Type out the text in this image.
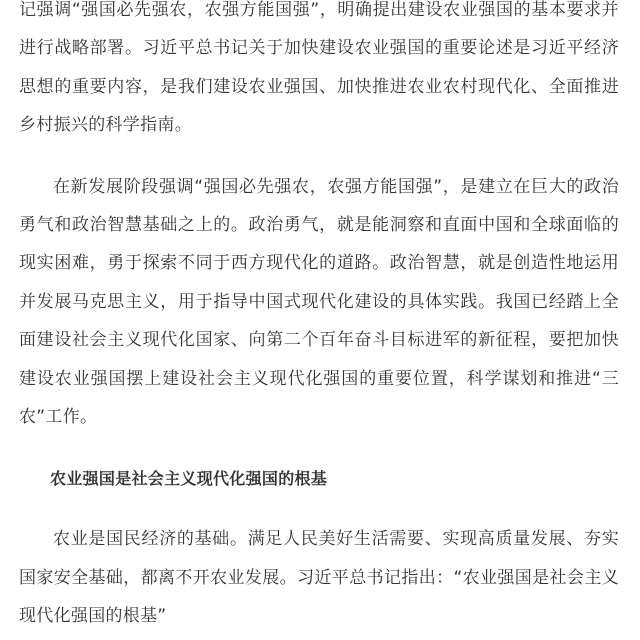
记强调“强国必先强农，农强方能国强”，明确提出建设农业强国的基本要求并进行战略部署。习近平总书记关于加快建设农业强国的重要论述是习近平经济思想的重要内容，是我们建设农业强国、加快推进农业农村现代化、全面推进乡村振兴的科学指南。

在新发展阶段强调“强国必先强农，农强方能国强”，是建立在巨大的政治勇气和政治智慧基础之上的。政治勇气，就是能洞察和直面中国和全球面临的现实困难，勇于探索不同于西方现代化的道路。政治智慧，就是创造性地运用并发展马克思主义，用于指导中国式现代化建设的具体实践。我国已经踏上全面建设社会主义现代化国家、向第二个百年奋斗目标进军的新征程，要把加快建设农业强国摆上建设社会主义现代化强国的重要位置，科学谋划和推进“三农”工作。

农业强国是社会主义现代化强国的根基

农业是国民经济的基础。满足人民美好生活需要、实现高质量发展、夯实国家安全基础，都离不开农业发展。习近平总书记指出：“农业强国是社会主义现代化强国的根基”
